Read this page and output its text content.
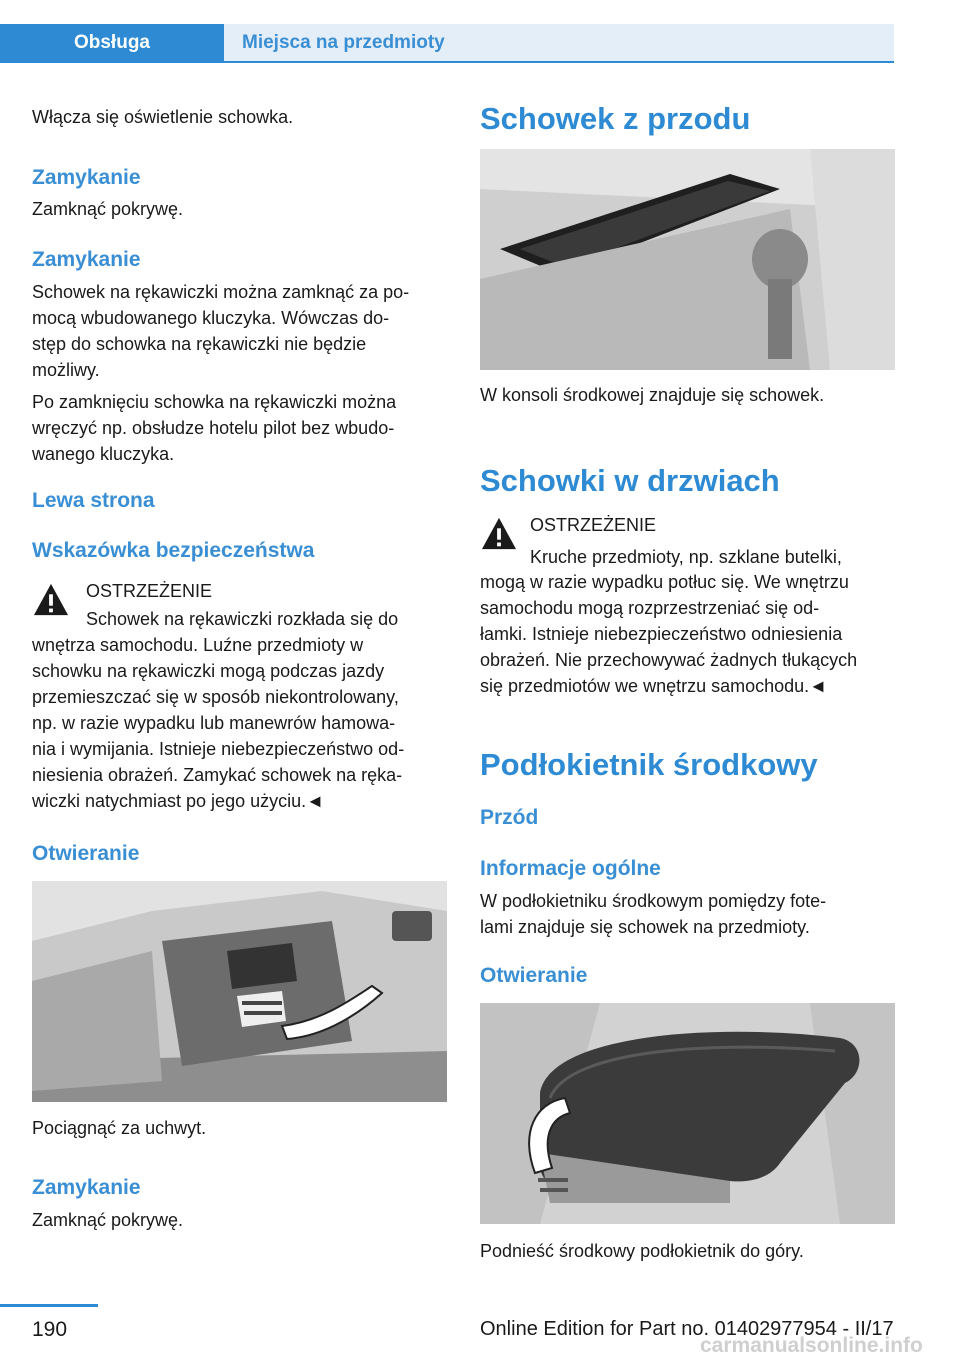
Obsługa	Miejsca na przedmioty

Włącza się oświetlenie schowka.

Zamykanie

Zamknąć pokrywę.

Zamykanie

Schowek na rękawiczki można zamknąć za po-

mocą wbudowanego kluczyka. Wówczas do-

stęp do schowka na rękawiczki nie będzie

możliwy.

Po zamknięciu schowka na rękawiczki można

wręczyć np. obsłudze hotelu pilot bez wbudo-

wanego kluczyka.

Lewa strona
Wskazówka bezpieczeństwa

OSTRZEŻENIE

Schowek na rękawiczki rozkłada się do

wnętrza samochodu. Luźne przedmioty w

schowku na rękawiczki mogą podczas jazdy

przemieszczać się w sposób niekontrolowany,

np. w razie wypadku lub manewrów hamowa-

nia i wymijania. Istnieje niebezpieczeństwo od-

niesienia obrażeń. Zamykać schowek na ręka-

wiczki natychmiast po jego użyciu.◄

Otwieranie

Pociągnąć za uchwyt.

Zamykanie

Zamknąć pokrywę.

Schowek z przodu

W konsoli środkowej znajduje się schowek.

Schowki w drzwiach

OSTRZEŻENIE

Kruche przedmioty, np. szklane butelki,

mogą w razie wypadku potłuc się. We wnętrzu

samochodu mogą rozprzestrzeniać się od-

łamki. Istnieje niebezpieczeństwo odniesienia

obrażeń. Nie przechowywać żadnych tłukących

się przedmiotów we wnętrzu samochodu.◄

Podłokietnik środkowy
Przód
Informacje ogólne

W podłokietniku środkowym pomiędzy fote-

lami znajduje się schowek na przedmioty.

Otwieranie

Podnieść środkowy podłokietnik do góry.

190	Online Edition for Part no. 01402977954 - II/17
carmanualsonline.info
